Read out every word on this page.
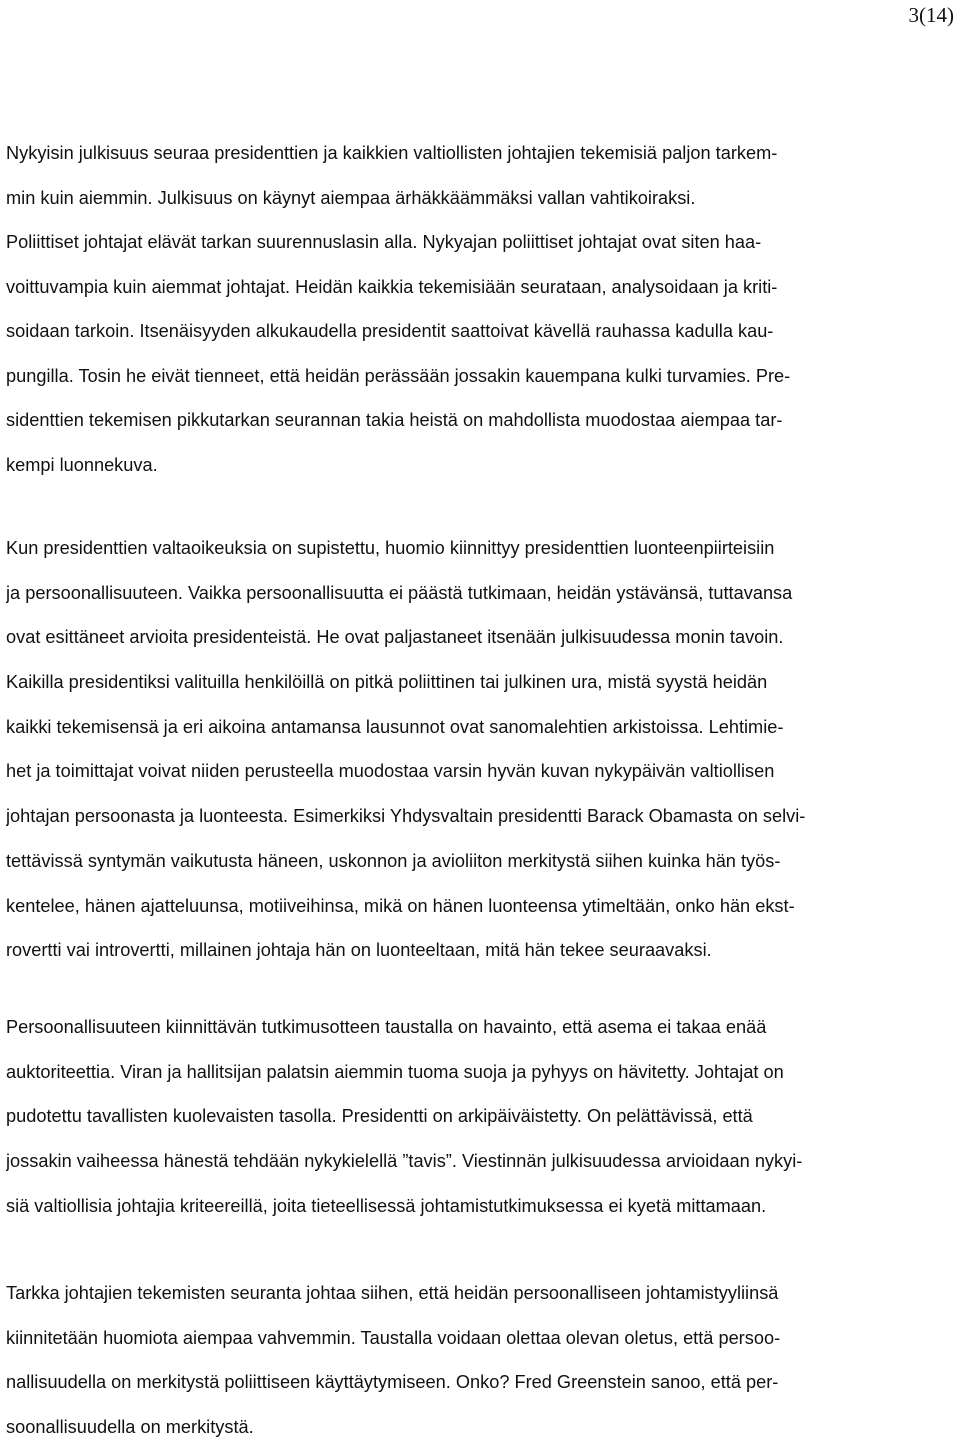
3(14)
Nykyisin julkisuus seuraa presidenttien ja kaikkien valtiollisten johtajien tekemisiä paljon tarkem-
min kuin aiemmin. Julkisuus on käynyt aiempaa ärhäkkäämmäksi vallan vahtikoiraksi.
Poliittiset johtajat elävät tarkan suurennuslasin alla. Nykyajan poliittiset johtajat ovat siten haa-
voittuvampia kuin aiemmat johtajat. Heidän kaikkia tekemisiään seurataan, analysoidaan ja kriti-
soidaan tarkoin. Itsenäisyyden alkukaudella presidentit saattoivat kävellä rauhassa kadulla kau-
pungilla. Tosin he eivät tienneet, että heidän perässään jossakin kauempana kulki turvamies. Pre-
sidenttien tekemisen pikkutarkan seurannan takia heistä on mahdollista muodostaa aiempaa tar-
kempi luonnekuva.
Kun presidenttien valtaoikeuksia on supistettu, huomio kiinnittyy presidenttien luonteenpiirteisiin
ja persoonallisuuteen. Vaikka persoonallisuutta ei päästä tutkimaan, heidän ystävänsä, tuttavansa
ovat esittäneet arvioita presidenteistä. He ovat paljastaneet itsenään julkisuudessa monin tavoin.
Kaikilla presidentiksi valituilla henkilöillä on pitkä poliittinen tai julkinen ura, mistä syystä heidän
kaikki tekemisensä ja eri aikoina antamansa lausunnot ovat sanomalehtien arkistoissa. Lehtimie-
het ja toimittajat voivat niiden perusteella muodostaa varsin hyvän kuvan nykypäivän valtiollisen
johtajan persoonasta ja luonteesta. Esimerkiksi Yhdysvaltain presidentti Barack Obamasta on selvi-
tettävissä syntymän vaikutusta häneen, uskonnon ja avioliiton merkitystä siihen kuinka hän työs-
kentelee, hänen ajatteluunsa, motiiveihinsa, mikä on hänen luonteensa ytimeltään, onko hän ekst-
rovertti vai introvertti, millainen johtaja hän on luonteeltaan, mitä hän tekee seuraavaksi.
Persoonallisuuteen kiinnittävän tutkimusotteen taustalla on havainto, että asema ei takaa enää
auktoriteettia. Viran ja hallitsijan palatsin aiemmin tuoma suoja ja pyhyys on hävitetty. Johtajat on
pudotettu tavallisten kuolevaisten tasolla. Presidentti on arkipäiväistetty. On pelättävissä, että
jossakin vaiheessa hänestä tehdään nykykielellä ”tavis”. Viestinnän julkisuudessa arvioidaan nykyi-
siä valtiollisia johtajia kriteereillä, joita tieteellisessä johtamistutkimuksessa ei kyetä mittamaan.
Tarkka johtajien tekemisten seuranta johtaa siihen, että heidän persoonalliseen johtamistyyliinsä
kiinnitetään huomiota aiempaa vahvemmin. Taustalla voidaan olettaa olevan oletus, että persoo-
nallisuudella on merkitystä poliittiseen käyttäytymiseen. Onko? Fred Greenstein sanoo, että per-
soonallisuudella on merkitystä.
